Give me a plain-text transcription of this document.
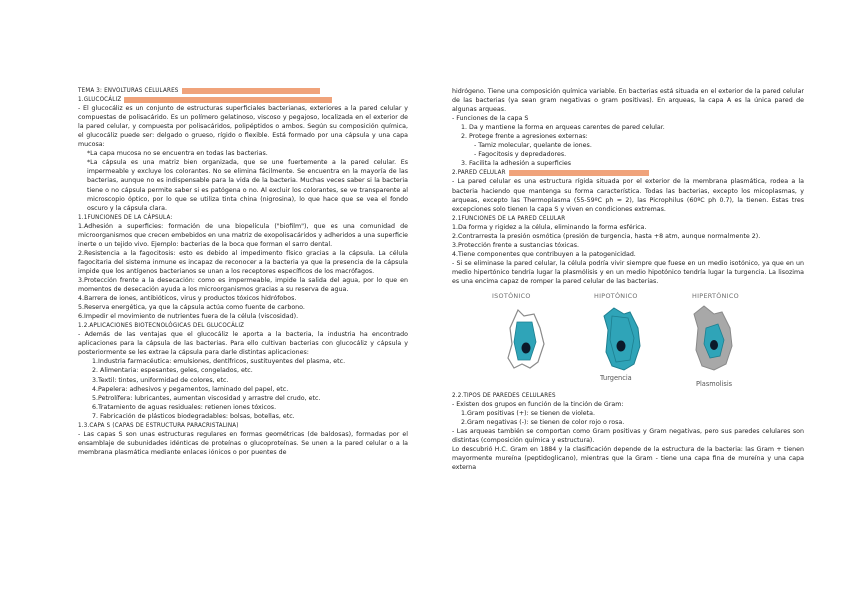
TEMA 3: ENVOLTURAS CELULARES
1.GLUCOCÁLIZ

- El glucocáliz es un conjunto de estructuras superficiales bacterianas, exteriores a la pared celular y compuestas de polisacárido. Es un polímero gelatinoso, viscoso y pegajoso, localizada en el exterior de la pared celular, y compuesta por polisacáridos, polipéptidos o ambos. Según su composición química, el glucocáliz puede ser: delgado o grueso, rígido o flexible. Está formado por una cápsula y una capa mucosa:

*La capa mucosa no se encuentra en todas las bacterias.

*La cápsula es una matriz bien organizada, que se une fuertemente a la pared celular. Es impermeable y excluye los colorantes. No se elimina fácilmente. Se encuentra en la mayoría de las bacterias, aunque no es indispensable para la vida de la bacteria. Muchas veces saber si la bacteria tiene o no cápsula permite saber si es patógena o no. Al excluir los colorantes, se ve transparente al microscopio óptico, por lo que se utiliza tinta china (nigrosina), lo que hace que se vea el fondo oscuro y la cápsula clara.

1.1FUNCIONES DE LA CÁPSULA:

1.Adhesión a superficies: formación de una biopelícula ("biofilm"), que es una comunidad de microorganismos que crecen embebidos en una matriz de exopolisacáridos y adheridos a una superficie inerte o un tejido vivo. Ejemplo: bacterias de la boca que forman el sarro dental.

2.Resistencia a la fagocitosis: esto es debido al impedimento físico gracias a la cápsula. La célula fagocitaria del sistema inmune es incapaz de reconocer a la bacteria ya que la presencia de la cápsula impide que los antígenos bacterianos se unan a los receptores específicos de los macrófagos.

3.Protección frente a la desecación: como es impermeable, impide la salida del agua, por lo que en momentos de desecación ayuda a los microorganismos gracias a su reserva de agua.

4.Barrera de iones, antibióticos, virus y productos tóxicos hidrófobos.

5.Reserva energética, ya que la cápsula actúa como fuente de carbono.

6.Impedir el movimiento de nutrientes fuera de la célula (viscosidad).

1.2.APLICACIONES BIOTECNOLÓGICAS DEL GLUCOCÁLIZ

- Además de las ventajas que el glucocáliz le aporta a la bacteria, la industria ha encontrado aplicaciones para la cápsula de las bacterias. Para ello cultivan bacterias con glucocáliz y cápsula y posteriormente se les extrae la cápsula para darle distintas aplicaciones:

1.Industria farmacéutica: emulsiones, dentífricos, sustituyentes del plasma, etc.

2. Alimentaria: espesantes, geles, congelados, etc.

3.Textil: tintes, uniformidad de colores, etc.

4.Papelera: adhesivos y pegamentos, laminado del papel, etc.

5.Petrolífera: lubricantes, aumentan viscosidad y arrastre del crudo, etc.

6.Tratamiento de aguas residuales: retienen iones tóxicos.

7. Fabricación de plásticos biodegradables: bolsas, botellas, etc.

1.3.CAPA S (CAPAS DE ESTRUCTURA PARACRISTALINA)

- Las capas S son unas estructuras regulares en formas geométricas (de baldosas), formadas por el ensamblaje de subunidades idénticas de proteínas o glucoproteínas. Se unen a la pared celular o a la membrana plasmática mediante enlaces iónicos o por puentes de

hidrógeno. Tiene una composición química variable. En bacterias está situada en el exterior de la pared celular de las bacterias (ya sean gram negativas o gram positivas). En arqueas, la capa A es la única pared de algunas arqueas.

- Funciones de la capa S

1. Da y mantiene la forma en arqueas carentes de pared celular.

2. Protege frente a agresiones externas:

- Tamiz molecular, quelante de iones.

- Fagocitosis y depredadores.

3. Facilita la adhesión a superficies

2.PARED CELULAR

- La pared celular es una estructura rígida situada por el exterior de la membrana plasmática, rodea a la bacteria haciendo que mantenga su forma característica. Todas las bacterias, excepto los micoplasmas, y arqueas, excepto las Thermoplasma (55-59ºC ph ≈ 2), las Picrophilus (60ºC ph 0.7), la tienen. Estas tres excepciones solo tienen la capa S y viven en condiciones extremas.

2.1FUNCIONES DE LA PARED CELULAR

1.Da forma y rigidez a la célula, eliminando la forma esférica.

2.Contrarresta la presión osmótica (presión de turgencia, hasta +8 atm, aunque normalmente 2).

3.Protección frente a sustancias tóxicas.

4.Tiene componentes que contribuyen a la patogenicidad.

- Si se eliminase la pared celular, la célula podría vivir siempre que fuese en un medio isotónico, ya que en un medio hipertónico tendría lugar la plasmólisis y en un medio hipotónico tendría lugar la turgencia. La lisozima es una encima capaz de romper la pared celular de las bacterias.

ISOTÓNICO	HIPOTÓNICO	HIPERTÓNICO
Turgencia
Plasmolisis
2.2.TIPOS DE PAREDES CELULARES

- Existen dos grupos en función de la tinción de Gram:

1.Gram positivas (+): se tienen de violeta.

2.Gram negativas (-): se tienen de color rojo o rosa.

- Las arqueas también se comportan como Gram positivas y Gram negativas, pero sus paredes celulares son distintas (composición química y estructura).

Lo descubrió H.C. Gram en 1884 y la clasificación depende de la estructura de la bacteria: las Gram + tienen mayormente mureína (peptidoglicano), mientras que la Gram - tiene una capa fina de mureína y una capa externa
